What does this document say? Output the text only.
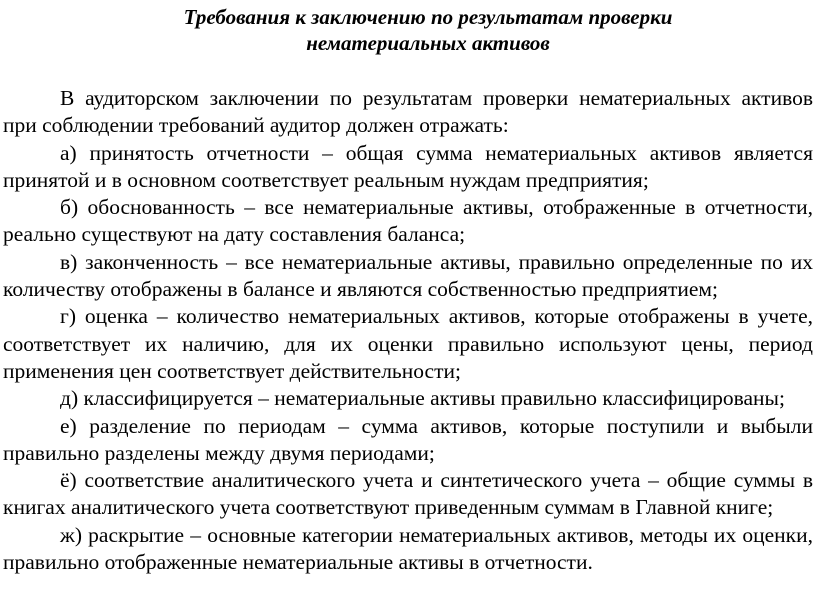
Требования к заключению по результатам проверки
нематериальных активов

В аудиторском заключении по результатам проверки нематериальных активов при соблюдении требований аудитор должен отражать:

а) принятость отчетности – общая сумма нематериальных активов является принятой и в основном соответствует реальным нуждам предприятия;

б) обоснованность – все нематериальные активы, отображенные в отчетности, реально существуют на дату составления баланса;

в) законченность – все нематериальные активы, правильно определенные по их количеству отображены в балансе и являются собственностью предприятием;

г) оценка – количество нематериальных активов, которые отображены в учете, соответствует их наличию, для их оценки правильно используют цены, период применения цен соответствует действительности;

д) классифицируется – нематериальные активы правильно классифицированы;

е) разделение по периодам – сумма активов, которые поступили и выбыли правильно разделены между двумя периодами;

ё) соответствие аналитического учета и синтетического учета – общие суммы в книгах аналитического учета соответствуют приведенным суммам в Главной книге;

ж) раскрытие – основные категории нематериальных активов, методы их оценки, правильно отображенные нематериальные активы в отчетности.
